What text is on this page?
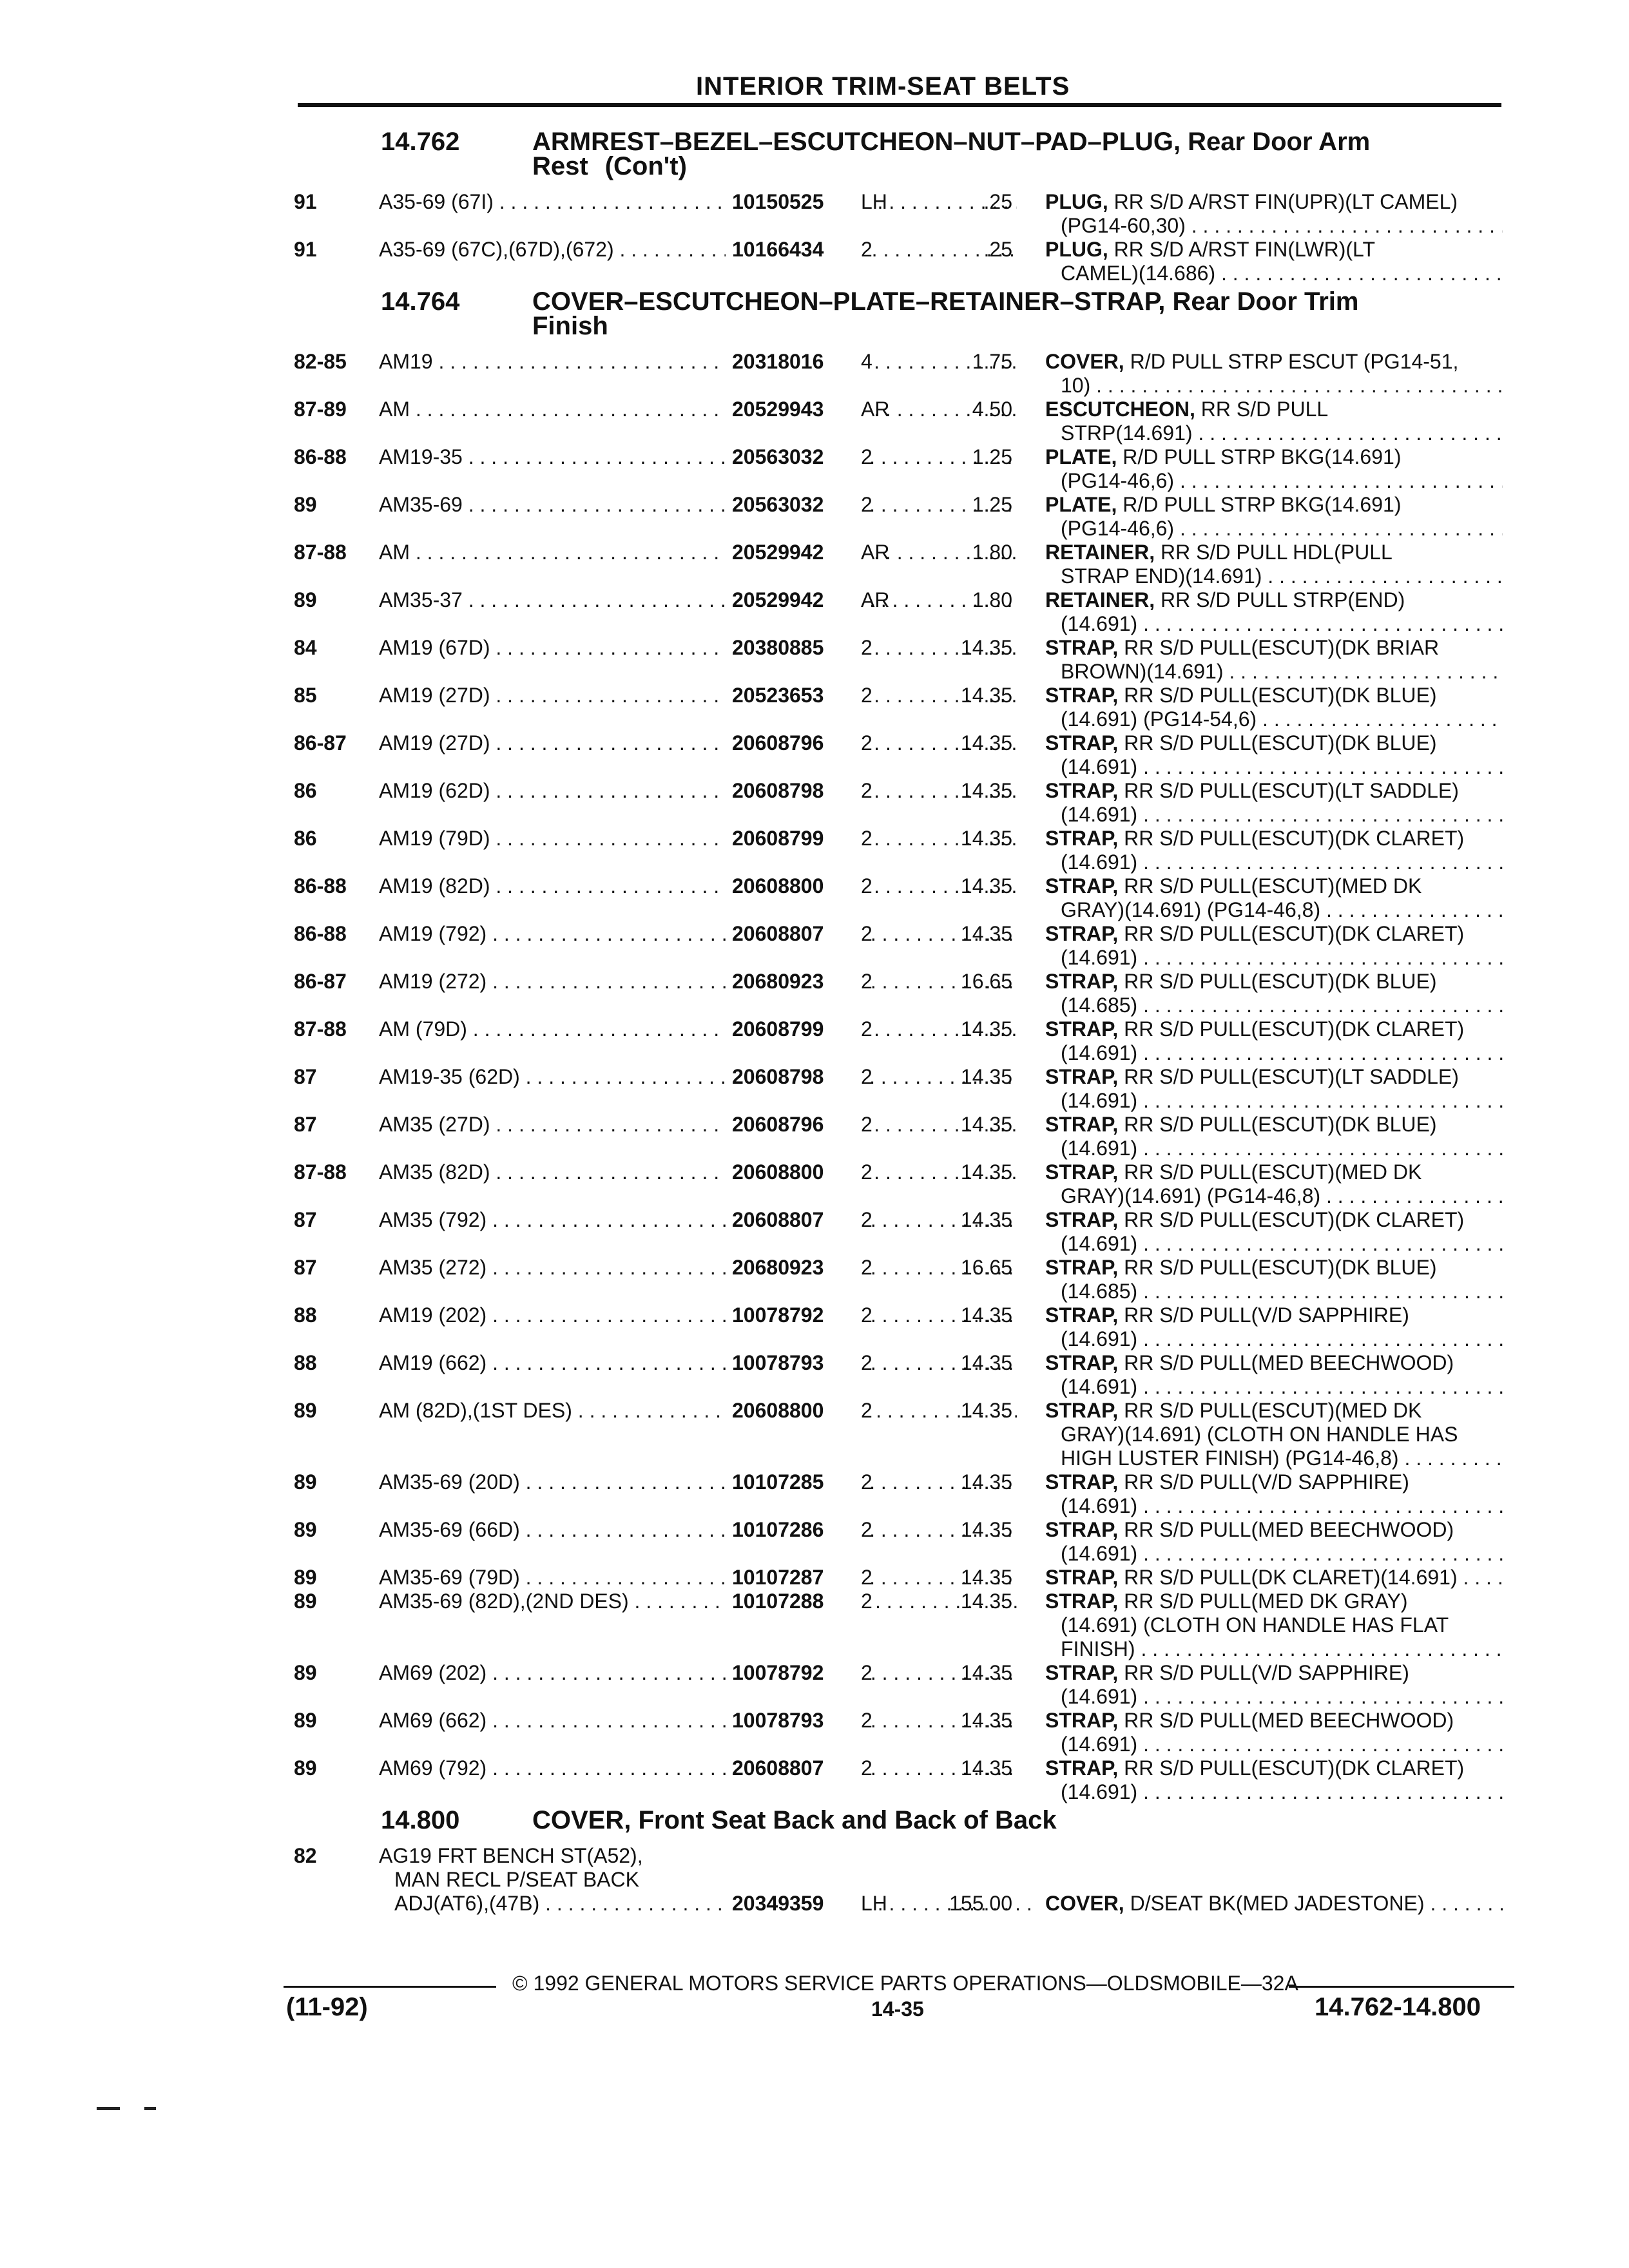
INTERIOR TRIM-SEAT BELTS
14.762	ARMREST–BEZEL–ESCUTCHEON–NUT–PAD–PLUG, Rear Door Arm
Rest (Con't)
91	A35-69 (67I) . . .	10150525	LH	.25 PLUG, RR S/D A/RST FIN(UPR)(LT CAMEL)
(PG14-60,30) . . .
91	A35-69 (67C),(67D),(672) . . .	10166434	2	.25 PLUG, RR S/D A/RST FIN(LWR)(LT
CAMEL)(14.686) . . .
14.764	COVER–ESCUTCHEON–PLATE–RETAINER–STRAP, Rear Door Trim
Finish
82-85 AM19 . . .	20318016	4	1.75 COVER, R/D PULL STRP ESCUT (PG14-51,
10) . . .
87-89 AM . . .	20529943	AR	4.50 ESCUTCHEON, RR S/D PULL
STRP(14.691) . . .
86-88 AM19-35 . . .	20563032	2	1.25 PLATE, R/D PULL STRP BKG(14.691)
(PG14-46,6) . . .
89	AM35-69 . . .	20563032	2	1.25 PLATE, R/D PULL STRP BKG(14.691)
(PG14-46,6) . . .
87-88 AM . . .	20529942	AR	1.80 RETAINER, RR S/D PULL HDL(PULL
STRAP END)(14.691) . . .
89	AM35-37 . . .	20529942	AR	1.80 RETAINER, RR S/D PULL STRP(END)
(14.691) . . .
84	AM19 (67D) . . .	20380885	2	14.35 STRAP, RR S/D PULL(ESCUT)(DK BRIAR
BROWN)(14.691) . . .
85	AM19 (27D) . . .	20523653	2	14.35 STRAP, RR S/D PULL(ESCUT)(DK BLUE)
(14.691) (PG14-54,6) . . .
86-87 AM19 (27D) . . .	20608796	2	14.35 STRAP, RR S/D PULL(ESCUT)(DK BLUE)
(14.691) . . .
86	AM19 (62D) . . .	20608798	2	14.35 STRAP, RR S/D PULL(ESCUT)(LT SADDLE)
(14.691) . . .
86	AM19 (79D) . . .	20608799	2	14.35 STRAP, RR S/D PULL(ESCUT)(DK CLARET)
(14.691) . . .
86-88 AM19 (82D) . . .	20608800	2	14.35 STRAP, RR S/D PULL(ESCUT)(MED DK
GRAY)(14.691) (PG14-46,8) . . .
86-88 AM19 (792) . . .	20608807	2	14.35 STRAP, RR S/D PULL(ESCUT)(DK CLARET)
(14.691) . . .
86-87 AM19 (272) . . .	20680923	2	16.65 STRAP, RR S/D PULL(ESCUT)(DK BLUE)
(14.685) . . .
87-88 AM (79D) . . .	20608799	2	14.35 STRAP, RR S/D PULL(ESCUT)(DK CLARET)
(14.691) . . .
87	AM19-35 (62D) . . .	20608798	2	14.35 STRAP, RR S/D PULL(ESCUT)(LT SADDLE)
(14.691) . . .
87	AM35 (27D) . . .	20608796	2	14.35 STRAP, RR S/D PULL(ESCUT)(DK BLUE)
(14.691) . . .
87-88 AM35 (82D) . . .	20608800	2	14.35 STRAP, RR S/D PULL(ESCUT)(MED DK
GRAY)(14.691) (PG14-46,8) . . .
87	AM35 (792) . . .	20608807	2	14.35 STRAP, RR S/D PULL(ESCUT)(DK CLARET)
(14.691) . . .
87	AM35 (272) . . .	20680923	2	16.65 STRAP, RR S/D PULL(ESCUT)(DK BLUE)
(14.685) . . .
88	AM19 (202) . . .	10078792	2	14.35 STRAP, RR S/D PULL(V/D SAPPHIRE)
(14.691) . . .
88	AM19 (662) . . .	10078793	2	14.35 STRAP, RR S/D PULL(MED BEECHWOOD)
(14.691) . . .
89	AM (82D),(1ST DES) . . .	20608800	2	14.35 STRAP, RR S/D PULL(ESCUT)(MED DK
GRAY)(14.691) (CLOTH ON HANDLE HAS
HIGH LUSTER FINISH) (PG14-46,8) . . .
89	AM35-69 (20D) . . .	10107285	2	14.35 STRAP, RR S/D PULL(V/D SAPPHIRE)
(14.691) . . .
89	AM35-69 (66D) . . .	10107286	2	14.35 STRAP, RR S/D PULL(MED BEECHWOOD)
(14.691) . . .
89	AM35-69 (79D) . . .	10107287	2	14.35 STRAP, RR S/D PULL(DK CLARET)(14.691) . . .
89	AM35-69 (82D),(2ND DES) . . .	10107288	2	14.35 STRAP, RR S/D PULL(MED DK GRAY)
(14.691) (CLOTH ON HANDLE HAS FLAT
FINISH) . . .
89	AM69 (202) . . .	10078792	2	14.35 STRAP, RR S/D PULL(V/D SAPPHIRE)
(14.691) . . .
89	AM69 (662) . . .	10078793	2	14.35 STRAP, RR S/D PULL(MED BEECHWOOD)
(14.691) . . .
89	AM69 (792) . . .	20608807	2	14.35 STRAP, RR S/D PULL(ESCUT)(DK CLARET)
(14.691) . . .
14.800	COVER, Front Seat Back and Back of Back
82	AG19 FRT BENCH ST(A52),
MAN RECL P/SEAT BACK
ADJ(AT6),(47B) . . .	20349359	LH	155.00 COVER, D/SEAT BK(MED JADESTONE) . . .
© 1992 GENERAL MOTORS SERVICE PARTS OPERATIONS—OLDSMOBILE—32A
(11-92)	14-35	14.762-14.800
